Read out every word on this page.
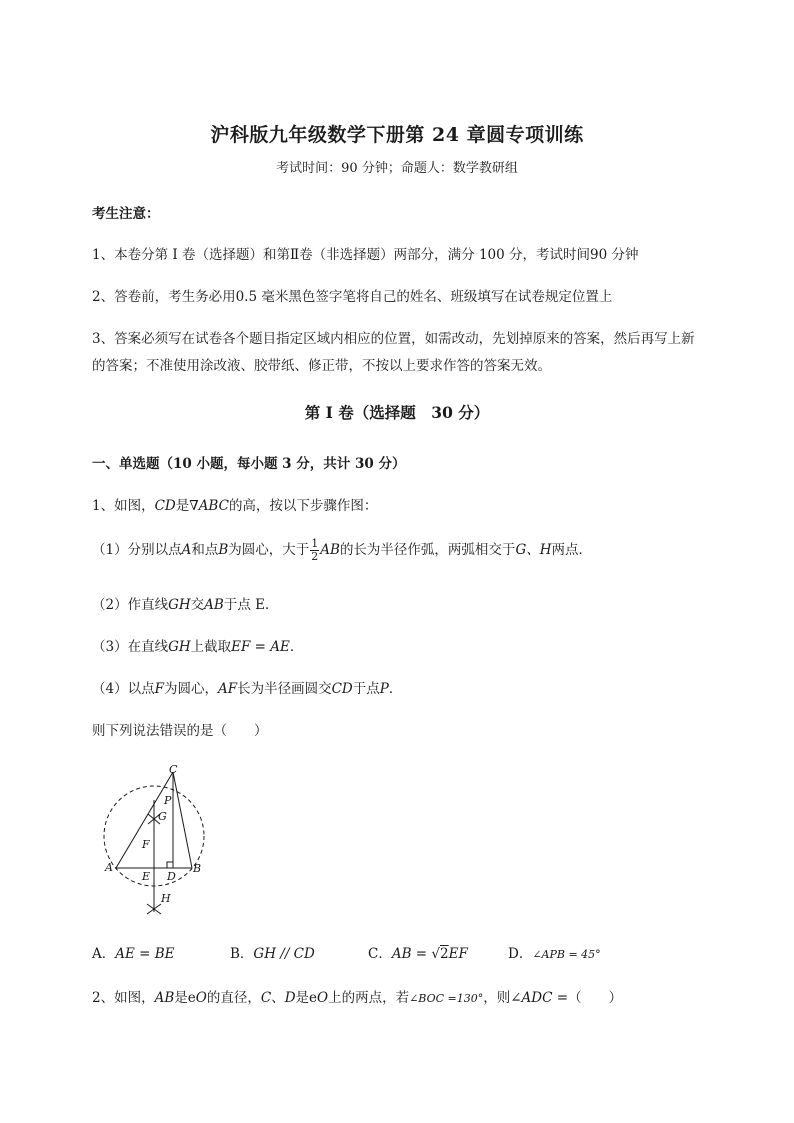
沪科版九年级数学下册第 24 章圆专项训练
考试时间：90 分钟；命题人：数学教研组
考生注意：
1、本卷分第 I 卷（选择题）和第Ⅱ卷（非选择题）两部分，满分 100 分，考试时间90 分钟
2、答卷前，考生务必用0.5 毫米黑色签字笔将自己的姓名、班级填写在试卷规定位置上
3、答案必须写在试卷各个题目指定区域内相应的位置，如需改动，先划掉原来的答案，然后再写上新
的答案；不准使用涂改液、胶带纸、修正带，不按以上要求作答的答案无效。
第 I 卷（选择题　30 分）
一、单选题（10 小题，每小题 3 分，共计 30 分）
1、如图，CD是∇ABC的高，按以下步骤作图：
（1）分别以点A和点B为圆心，大于 $\frac{1}{2}$ AB的长为半径作弧，两弧相交于G、H两点．
（2）作直线GH交AB于点 E．
（3）在直线GH上截取EF = AE．
（4）以点F为圆心，AF长为半径画圆交CD于点P．
则下列说法错误的是（　　）
C
P
G
F
A
E D
B
H
A．AE = BE	B．GH // CD	C．AB = √2EF	D．∠APB = 45°
2、如图，AB是eO的直径，C、D是eO上的两点，若∠BOC =130°，则∠ADC =（　　）
